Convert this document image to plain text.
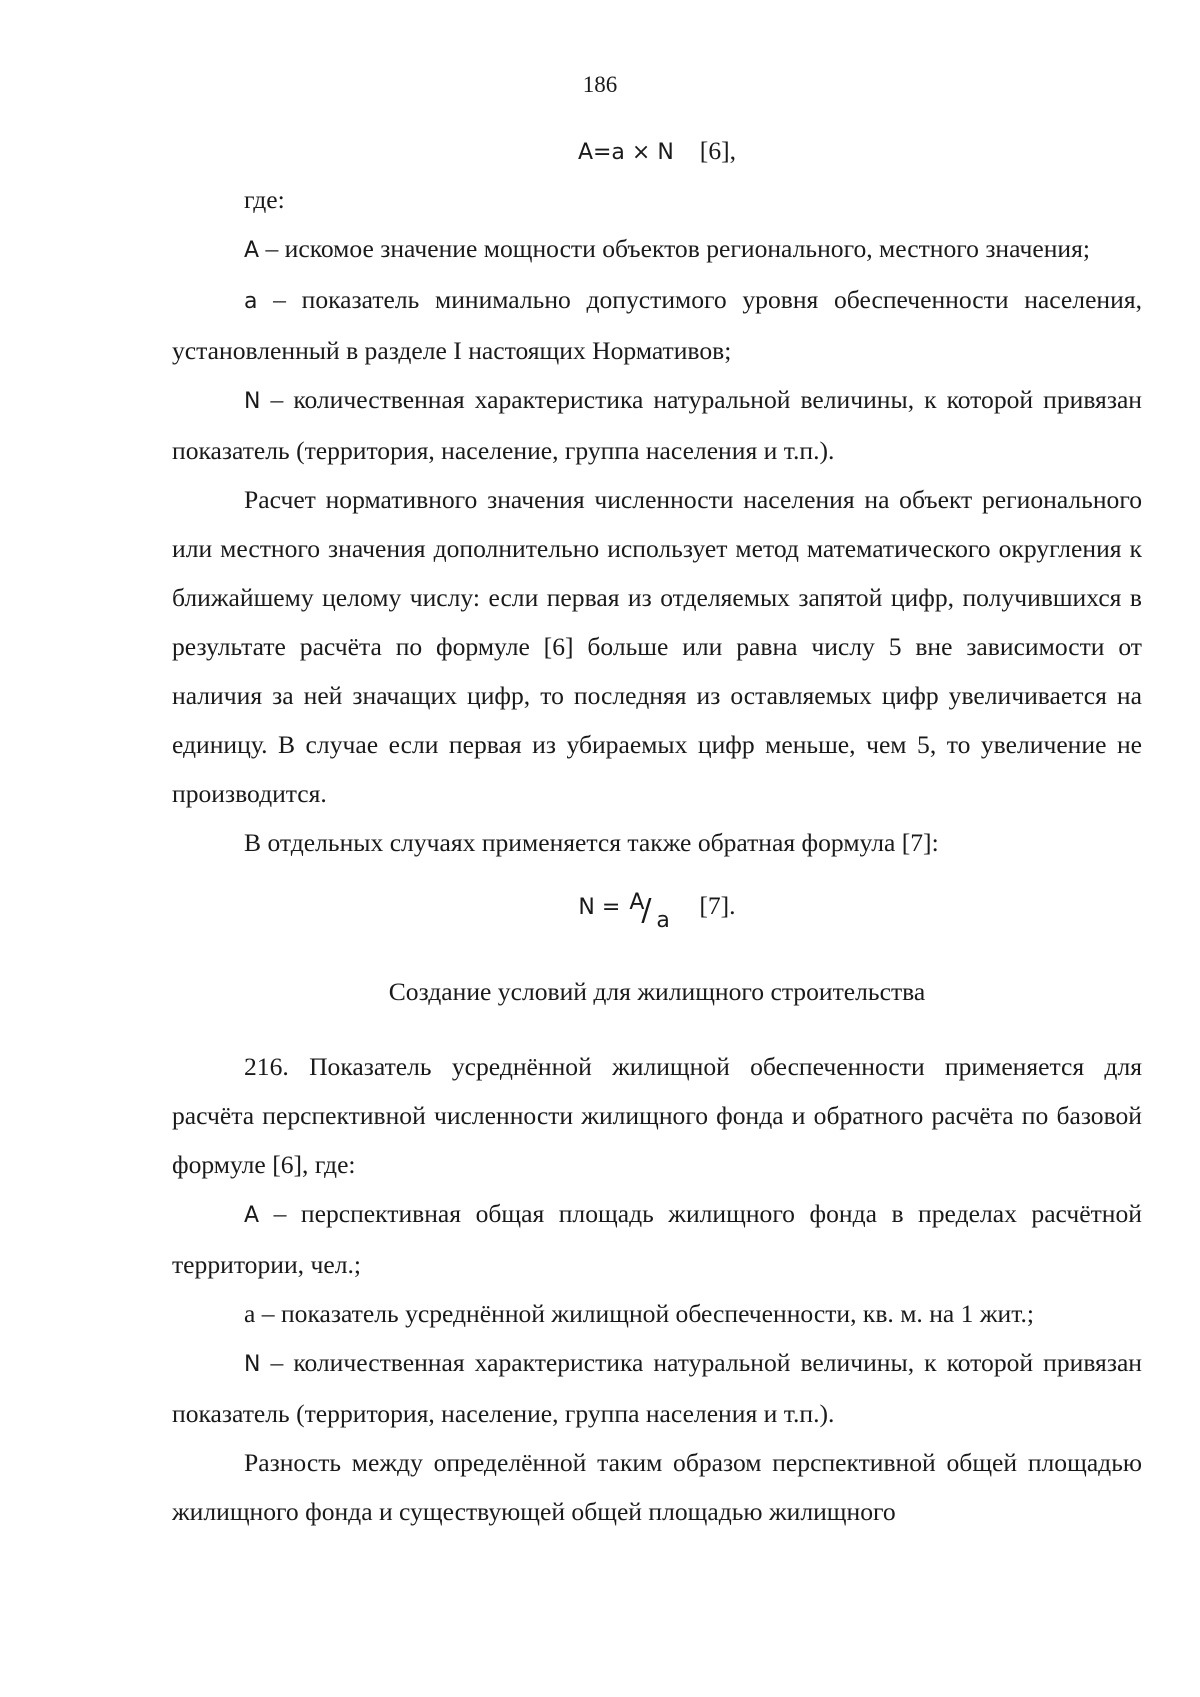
186
A=a × N [6],

где:

A – искомое значение мощности объектов регионального, местного значения;

a – показатель минимально допустимого уровня обеспеченности населения, установленный в разделе I настоящих Нормативов;

N – количественная характеристика натуральной величины, к которой привязан показатель (территория, население, группа населения и т.п.).

Расчет нормативного значения численности населения на объект регионального или местного значения дополнительно использует метод математического округления к ближайшему целому числу: если первая из отделяемых запятой цифр, получившихся в результате расчёта по формуле [6] больше или равна числу 5 вне зависимости от наличия за ней значащих цифр, то последняя из оставляемых цифр увеличивается на единицу. В случае если первая из убираемых цифр меньше, чем 5, то увеличение не производится.

В отдельных случаях применяется также обратная формула [7]:

N = A
/ a
[7].

Создание условий для жилищного строительства

216. Показатель усреднённой жилищной обеспеченности применяется для расчёта перспективной численности жилищного фонда и обратного расчёта по базовой формуле [6], где:

A – перспективная общая площадь жилищного фонда в пределах расчётной территории, чел.;

a – показатель усреднённой жилищной обеспеченности, кв. м. на 1 жит.;

N – количественная характеристика натуральной величины, к которой привязан показатель (территория, население, группа населения и т.п.).

Разность между определённой таким образом перспективной общей площадью жилищного фонда и существующей общей площадью жилищного
